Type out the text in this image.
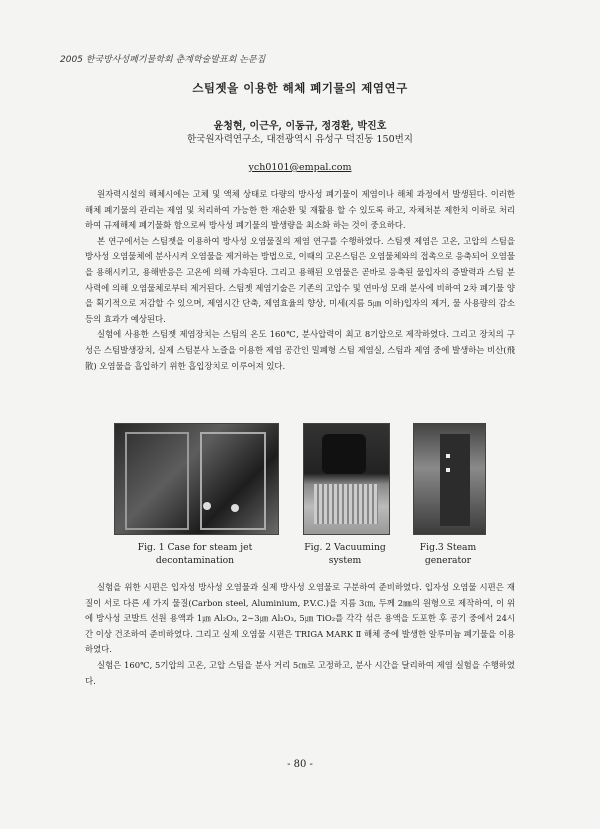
2005 한국방사성폐기물학회 춘계학술발표회 논문집
스팀젯을 이용한 해체 폐기물의 제염연구
윤청현, 이근우, 이동규, 정경환, 박진호
한국원자력연구소, 대전광역시 유성구 덕진동 150번지
ych0101@empal.com

원자력시설의 해체시에는 고체 및 액체 상태로 다량의 방사성 폐기물이 제염이나 해체 과정에서 발생된다. 이러한 해체 폐기물의 관리는 제염 및 처리하여 가능한 한 재순환 및 재활용 할 수 있도록 하고, 자체처분 제한치 이하로 처리하여 규제해제 폐기물화 함으로써 방사성 폐기물의 발생량을 최소화 하는 것이 중요하다.

본 연구에서는 스팀젯을 이용하여 방사성 오염물질의 제염 연구를 수행하였다. 스팀젯 제염은 고온, 고압의 스팀을 방사성 오염물체에 분사시켜 오염물을 제거하는 방법으로, 이때의 고온스팀은 오염물체와의 접촉으로 응축되어 오염물을 용해시키고, 용해반응은 고온에 의해 가속된다. 그리고 용해된 오염물은 곧바로 응축된 물입자의 증발력과 스팀 분사력에 의해 오염물체로부터 제거된다. 스팀젯 제염기술은 기존의 고압수 및 연마성 모래 분사에 비하여 2차 폐기물 양을 획기적으로 저감할 수 있으며, 제염시간 단축, 제염효율의 향상, 미세(지름 5㎛ 이하)입자의 제거, 물 사용량의 감소 등의 효과가 예상된다.

실험에 사용한 스팀젯 제염장치는 스팀의 온도 160℃, 분사압력이 최고 8기압으로 제작하였다. 그리고 장치의 구성은 스팀발생장치, 실제 스팀분사 노즐을 이용한 제염 공간인 밀폐형 스팀 제염실, 스팀과 제염 중에 발생하는 비산(飛散) 오염물을 흡입하기 위한 흡입장치로 이루어져 있다.

Fig. 1 Case for steam jet
decontamination
Fig. 2 Vacuuming
system
Fig.3 Steam
generator

실험을 위한 시편은 입자성 방사성 오염물과 실제 방사성 오염물로 구분하여 준비하였다. 입자성 오염물 시편은 재질이 서로 다른 세 가지 물질(Carbon steel, Aluminium, P.V.C.)을 지름 3㎝, 두께 2㎜의 원형으로 제작하여, 이 위에 방사성 코발트 선원 용액과 1㎛ Al₂O₃, 2∼3㎛ Al₂O₃, 5㎛ TiO₂를 각각 섞은 용액을 도포한 후 공기 중에서 24시간 이상 건조하여 준비하였다. 그리고 실제 오염물 시편은 TRIGA MARK Ⅱ 해체 중에 발생한 알루미늄 폐기물을 이용하였다.

실험은 160℃, 5기압의 고온, 고압 스팀을 분사 거리 5㎝로 고정하고, 분사 시간을 달리하여 제염 실험을 수행하였다.

- 80 -
